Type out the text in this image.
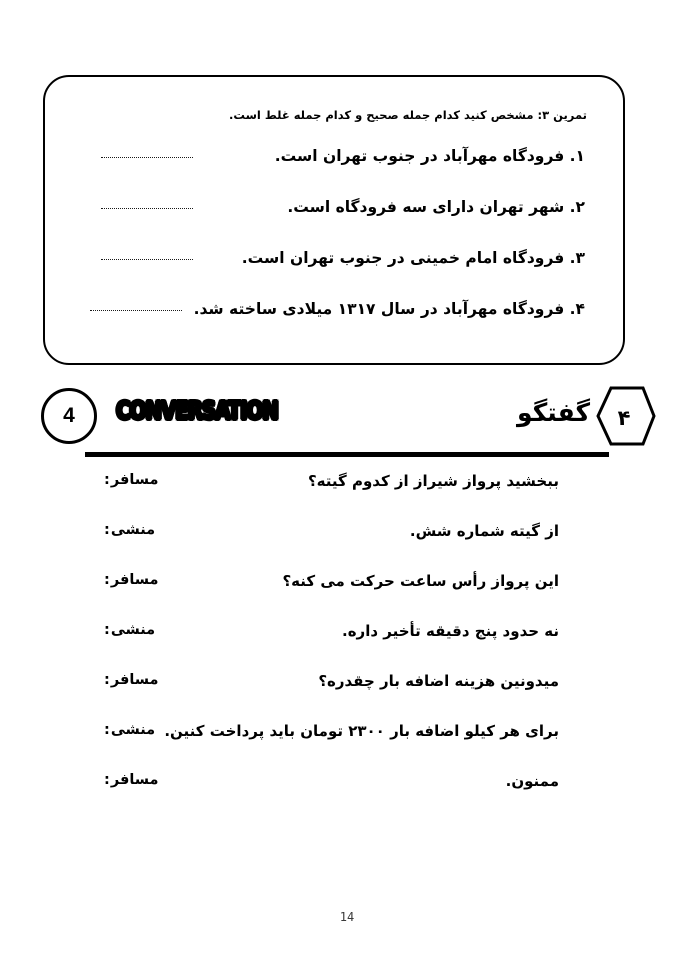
تمرین ۳: مشخص کنید کدام جمله صحیح و کدام جمله غلط است.
۱. فرودگاه مهرآباد در جنوب تهران است.
۲. شهر تهران دارای سه فرودگاه است.
۳. فرودگاه امام خمینی در جنوب تهران است.
۴. فرودگاه مهرآباد در سال ۱۳۱۷ میلادی ساخته شد.
4 CONVERSATION	گفتگو ۴
مسافر :	ببخشید پرواز شیراز از کدوم گیته؟
منشی :	از گیته شماره شش.
مسافر :	این پرواز رأس ساعت حرکت می کنه؟
منشی :	نه حدود پنج دقیقه تأخیر داره.
مسافر :	میدونین هزینه اضافه بار چقدره؟
منشی : برای هر کیلو اضافه بار ۲۳۰۰ تومان باید پرداخت کنین.
مسافر :	ممنون.
14
